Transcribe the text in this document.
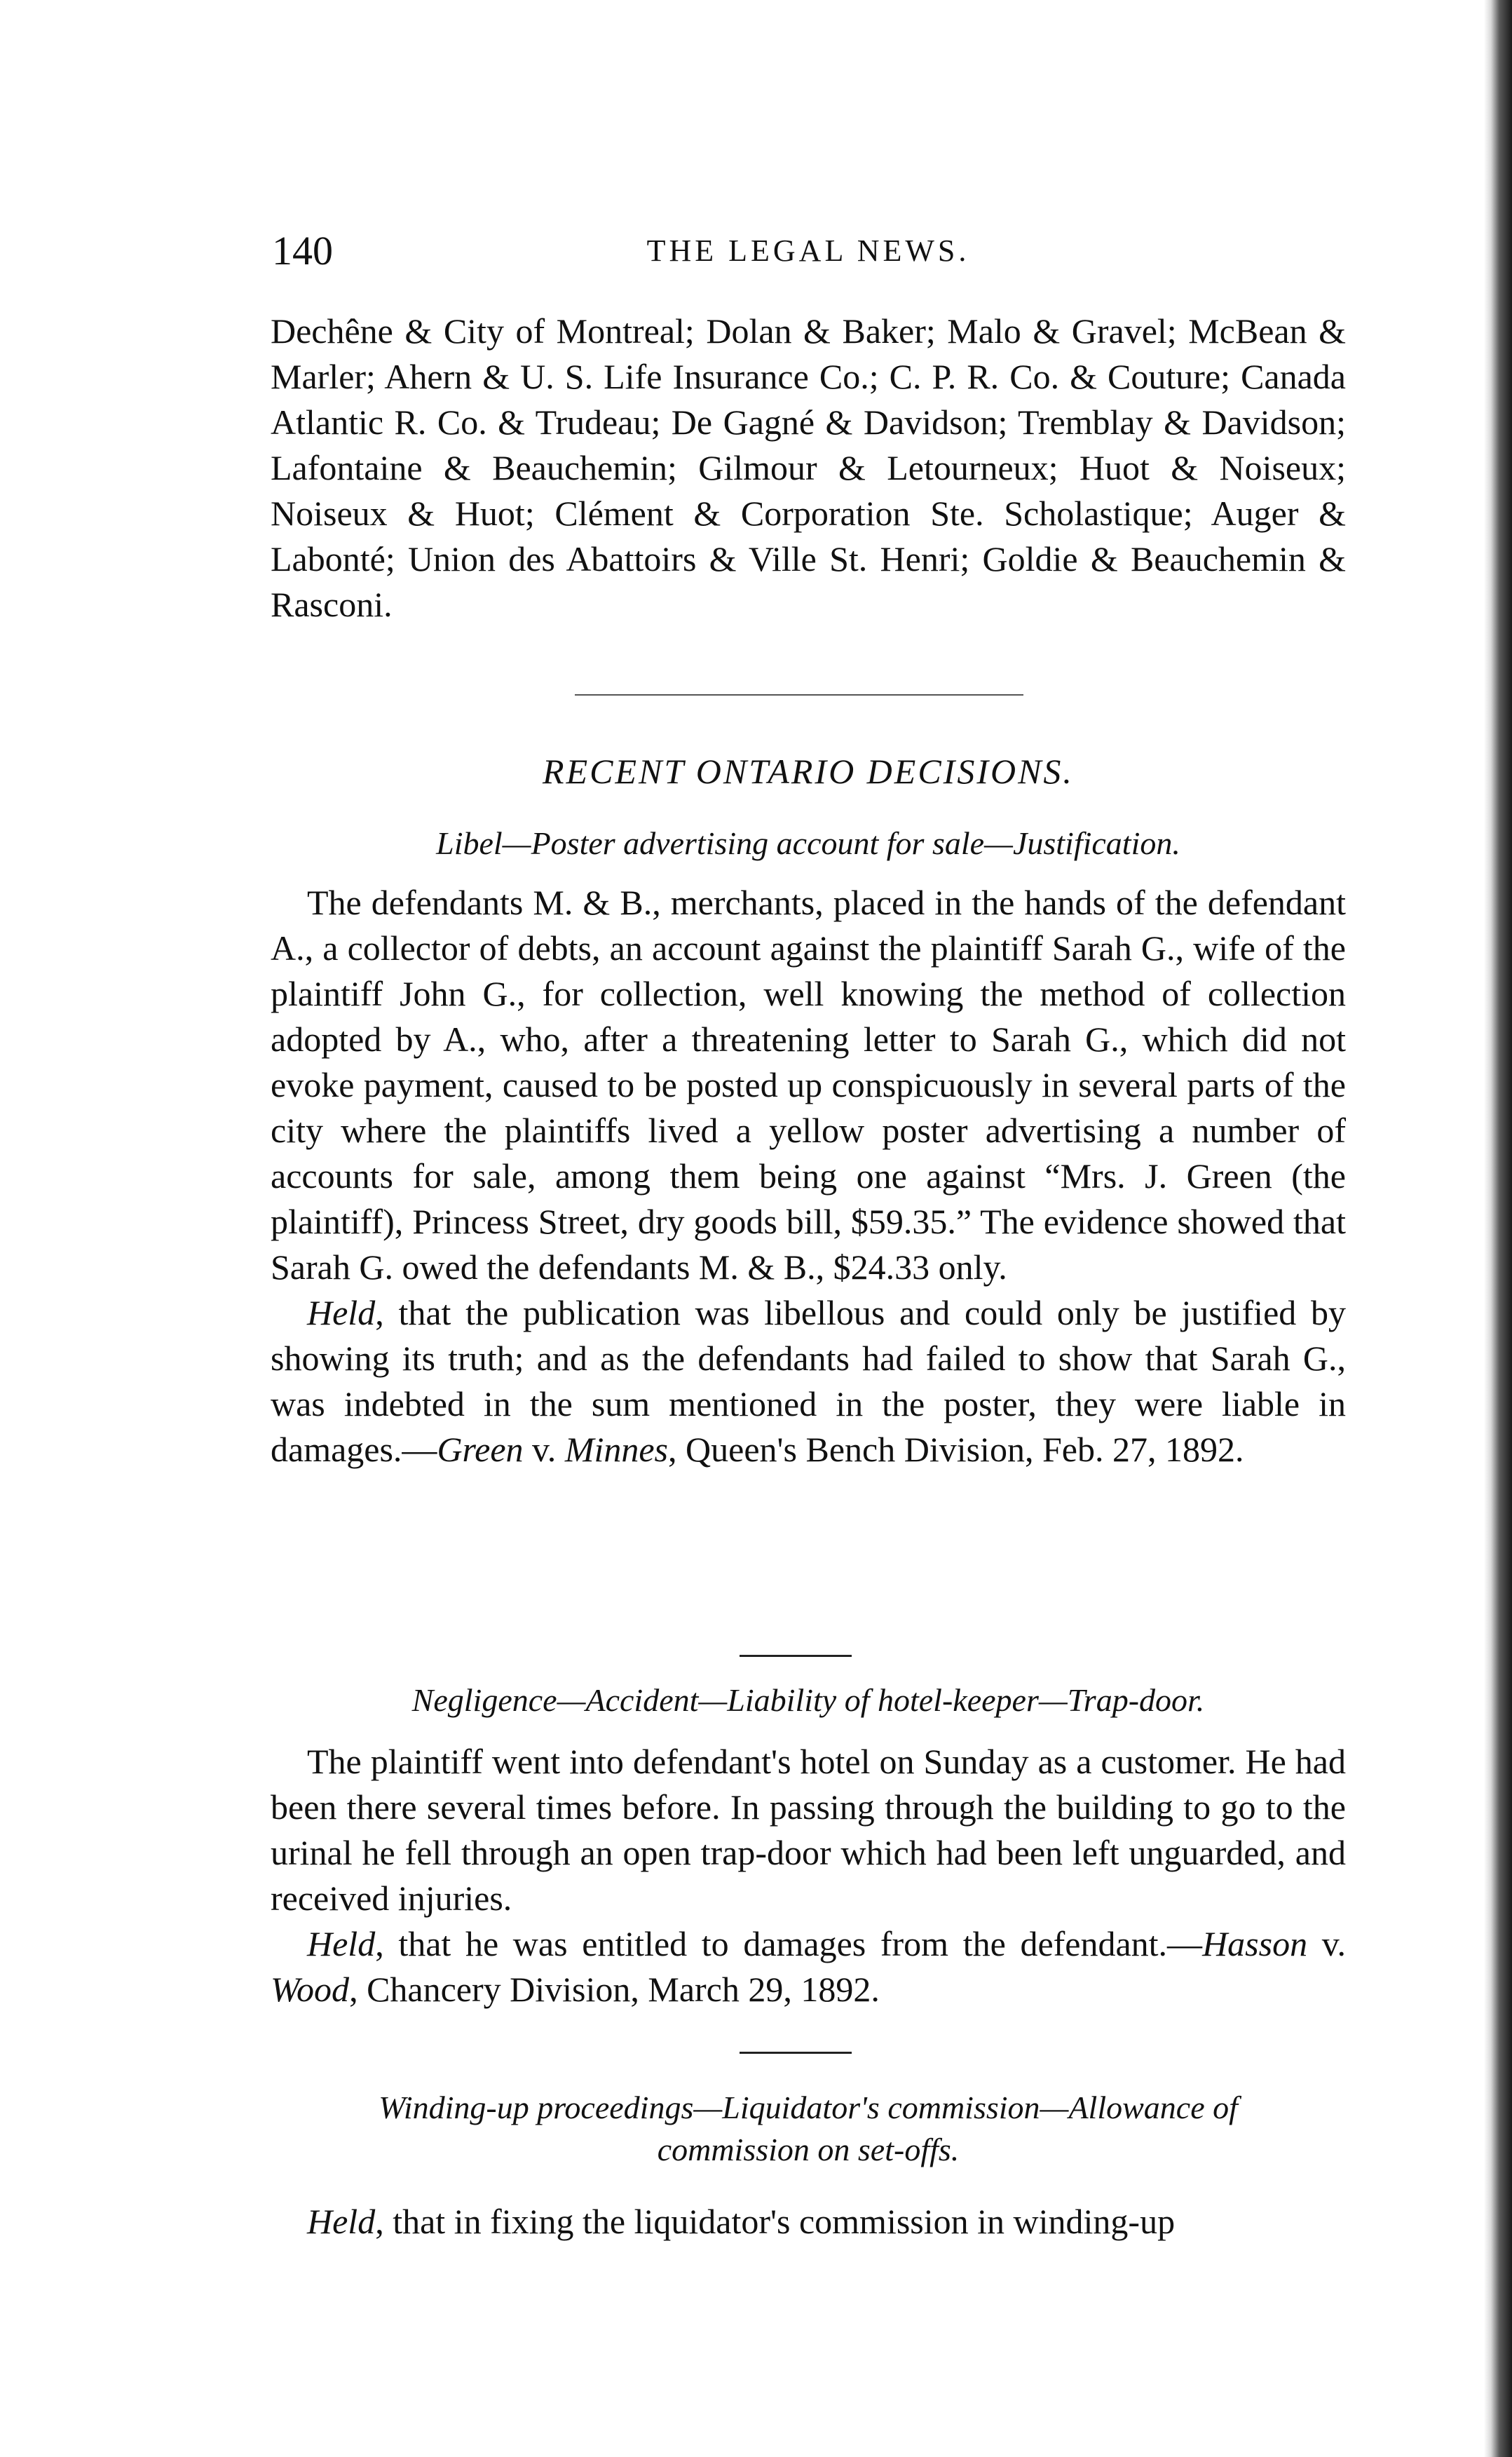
140	THE LEGAL NEWS.

Dechêne & City of Montreal; Dolan & Baker; Malo & Gravel; McBean & Marler; Ahern & U. S. Life Insurance Co.; C. P. R. Co. & Couture; Canada Atlantic R. Co. & Trudeau; De Gagné & Davidson; Tremblay & Davidson; Lafontaine & Beauchemin; Gilmour & Letourneux; Huot & Noiseux; Noiseux & Huot; Clément & Corporation Ste. Scholastique; Auger & Labonté; Union des Abattoirs & Ville St. Henri; Goldie & Beauchemin & Rasconi.

RECENT ONTARIO DECISIONS.
Libel—Poster advertising account for sale—Justification.

The defendants M. & B., merchants, placed in the hands of the defendant A., a collector of debts, an account against the plaintiff Sarah G., wife of the plaintiff John G., for collection, well knowing the method of collection adopted by A., who, after a threatening letter to Sarah G., which did not evoke payment, caused to be posted up conspicuously in several parts of the city where the plaintiffs lived a yellow poster advertising a number of accounts for sale, among them being one against “Mrs. J. Green (the plaintiff), Princess Street, dry goods bill, $59.35.” The evidence showed that Sarah G. owed the defendants M. & B., $24.33 only.

Held, that the publication was libellous and could only be justified by showing its truth; and as the defendants had failed to show that Sarah G., was indebted in the sum mentioned in the poster, they were liable in damages.—Green v. Minnes, Queen's Bench Division, Feb. 27, 1892.

Negligence—Accident—Liability of hotel-keeper—Trap-door.

The plaintiff went into defendant's hotel on Sunday as a customer. He had been there several times before. In passing through the building to go to the urinal he fell through an open trap-door which had been left unguarded, and received injuries.

Held, that he was entitled to damages from the defendant.—Hasson v. Wood, Chancery Division, March 29, 1892.

Winding-up proceedings—Liquidator's commission—Allowance of
commission on set-offs.

Held, that in fixing the liquidator's commission in winding-up
